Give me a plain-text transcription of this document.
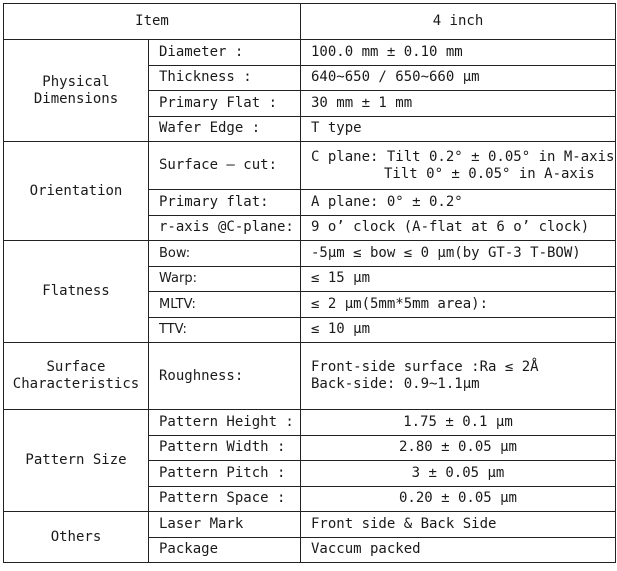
Item		4 inch
Physical Dimensions	Diameter :	100.0 mm ± 0.10 mm
	Thickness :	640~650 / 650~660 μm
	Primary Flat :	30 mm ± 1 mm
	Wafer Edge :	T type
Orientation	Surface – cut:	C plane: Tilt 0.2° ± 0.05° in M-axis
Tilt 0° ± 0.05° in A-axis

	Primary flat:	A plane: 0° ± 0.2°
	r-axis @C-plane:	9 o’ clock (A-flat at 6 o’ clock)
Flatness	Bow:	-5μm ≤ bow ≤ 0 μm(by GT-3 T-BOW)
	Warp:	≤ 15 μm
	MLTV:	≤ 2 μm(5mm*5mm area):
	TTV:	≤ 10 μm
Surface Characteristics	Roughness:	Front-side surface :Ra ≤ 2Å
Back-side: 0.9~1.1μm

Pattern Size	Pattern Height :	1.75 ± 0.1 μm
	Pattern Width :	2.80 ± 0.05 μm
	Pattern Pitch :	3 ± 0.05 μm
	Pattern Space :	0.20 ± 0.05 μm
Others	Laser Mark	Front side & Back Side
	Package	Vaccum packed
